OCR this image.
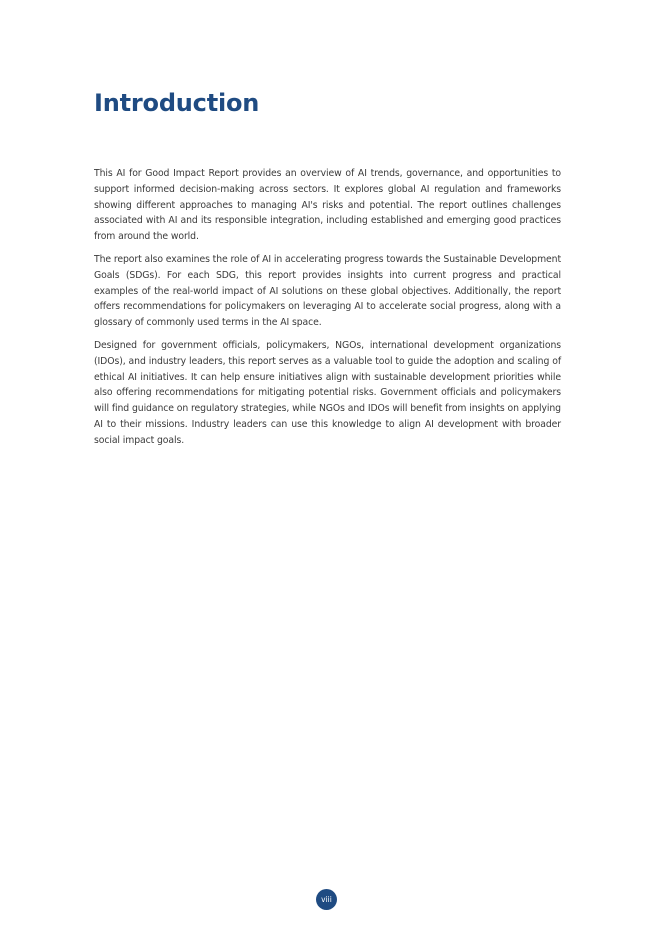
Introduction

This AI for Good Impact Report provides an overview of AI trends, governance, and opportunities to support informed decision-making across sectors. It explores global AI regulation and frameworks showing different approaches to managing AI's risks and potential. The report outlines challenges associated with AI and its responsible integration, including established and emerging good practices from around the world.

The report also examines the role of AI in accelerating progress towards the Sustainable Development Goals (SDGs). For each SDG, this report provides insights into current progress and practical examples of the real-world impact of AI solutions on these global objectives. Additionally, the report offers recommendations for policymakers on leveraging AI to accelerate social progress, along with a glossary of commonly used terms in the AI space.

Designed for government officials, policymakers, NGOs, international development organizations (IDOs), and industry leaders, this report serves as a valuable tool to guide the adoption and scaling of ethical AI initiatives. It can help ensure initiatives align with sustainable development priorities while also offering recommendations for mitigating potential risks. Government officials and policymakers will find guidance on regulatory strategies, while NGOs and IDOs will benefit from insights on applying AI to their missions. Industry leaders can use this knowledge to align AI development with broader social impact goals.

viii
